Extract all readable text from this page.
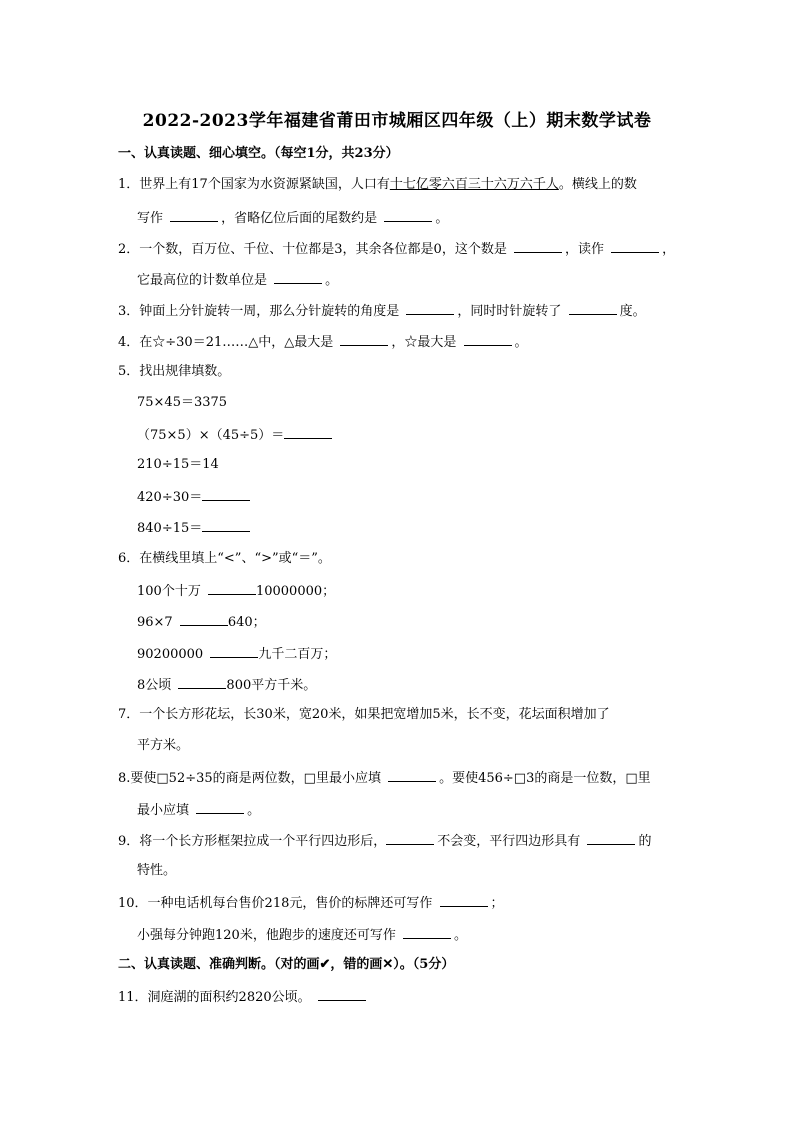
2022-2023学年福建省莆田市城厢区四年级（上）期末数学试卷
一、认真读题、细心填空。（每空1分，共23分）
1．世界上有17个国家为水资源紧缺国，人口有十七亿零六百三十六万六千人。横线上的数
写作	，省略亿位后面的尾数约是	。
2．一个数，百万位、千位、十位都是3，其余各位都是0，这个数是	，读作	，
它最高位的计数单位是	。
3．钟面上分针旋转一周，那么分针旋转的角度是	，同时时针旋转了	度。
4．在☆÷30＝21……△中，△最大是	，☆最大是	。
5．找出规律填数。
75×45＝3375
（75×5）×（45÷5）＝
210÷15＝14
420÷30＝
840÷15＝
6．在横线里填上“<”、“>”或“＝”。
100个十万	10000000；
96×7	640；
90200000	九千二百万；
8公顷	800平方千米。
7．一个长方形花坛，长30米，宽20米，如果把宽增加5米，长不变，花坛面积增加了
平方米。
8.要使□52÷35的商是两位数，□里最小应填	。要使456÷□3的商是一位数，□里
最小应填	。
9．将一个长方形框架拉成一个平行四边形后，	不会变，平行四边形具有	的
特性。
10．一种电话机每台售价218元，售价的标牌还可写作	；
小强每分钟跑120米，他跑步的速度还可写作	。
二、认真读题、准确判断。（对的画✔，错的画✕）。（5分）
11．洞庭湖的面积约2820公顷。
